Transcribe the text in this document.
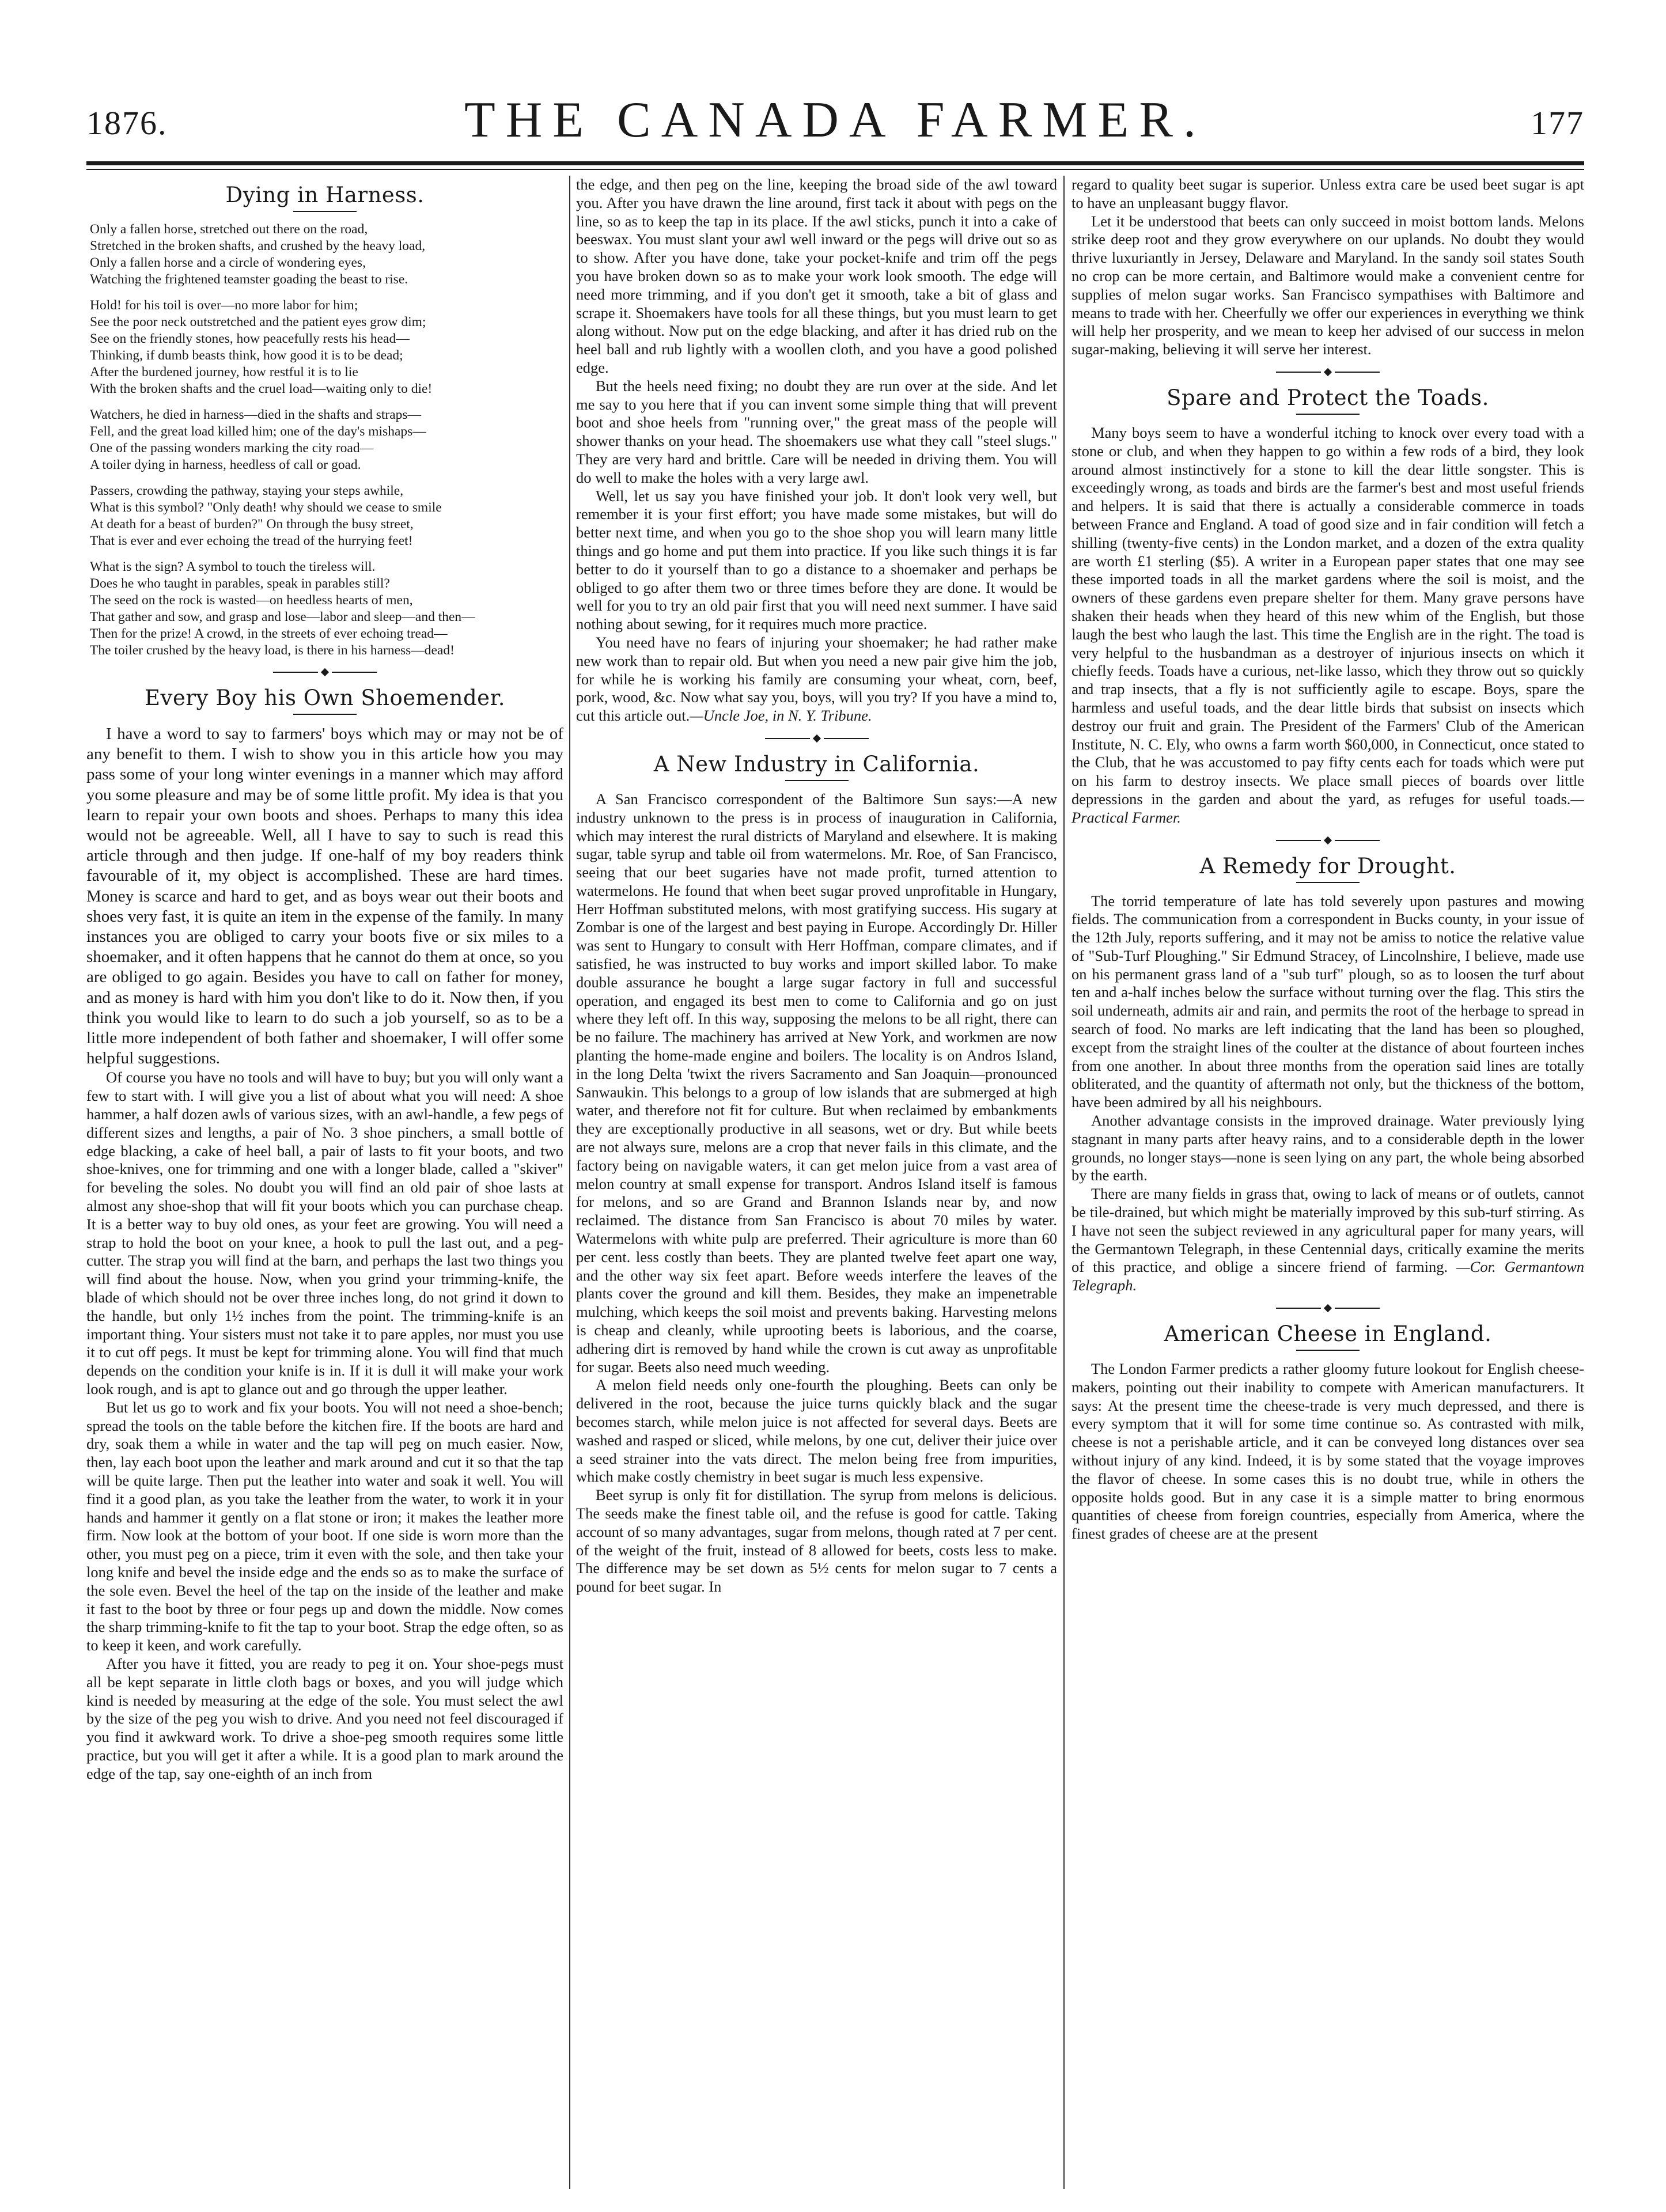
1876.	THE CANADA FARMER.	177
Dying in Harness.
Only a fallen horse, stretched out there on the road,
Stretched in the broken shafts, and crushed by the heavy load,
Only a fallen horse and a circle of wondering eyes,
Watching the frightened teamster goading the beast to rise.
Hold! for his toil is over—no more labor for him;
See the poor neck outstretched and the patient eyes grow dim;
See on the friendly stones, how peacefully rests his head—
Thinking, if dumb beasts think, how good it is to be dead;
After the burdened journey, how restful it is to lie
With the broken shafts and the cruel load—waiting only to die!
Watchers, he died in harness—died in the shafts and straps—
Fell, and the great load killed him; one of the day's mishaps—
One of the passing wonders marking the city road—
A toiler dying in harness, heedless of call or goad.
Passers, crowding the pathway, staying your steps awhile,
What is this symbol? "Only death! why should we cease to smile
At death for a beast of burden?" On through the busy street,
That is ever and ever echoing the tread of the hurrying feet!
What is the sign? A symbol to touch the tireless will.
Does he who taught in parables, speak in parables still?
The seed on the rock is wasted—on heedless hearts of men,
That gather and sow, and grasp and lose—labor and sleep—and then—
Then for the prize! A crowd, in the streets of ever echoing tread—
The toiler crushed by the heavy load, is there in his harness—dead!
Every Boy his Own Shoemender.

I have a word to say to farmers' boys which may or may not be of any benefit to them. I wish to show you in this article how you may pass some of your long winter evenings in a manner which may afford you some pleasure and may be of some little profit. My idea is that you learn to repair your own boots and shoes. Perhaps to many this idea would not be agreeable. Well, all I have to say to such is read this article through and then judge. If one-half of my boy readers think favourable of it, my object is accomplished. These are hard times. Money is scarce and hard to get, and as boys wear out their boots and shoes very fast, it is quite an item in the expense of the family. In many instances you are obliged to carry your boots five or six miles to a shoemaker, and it often happens that he cannot do them at once, so you are obliged to go again. Besides you have to call on father for money, and as money is hard with him you don't like to do it. Now then, if you think you would like to learn to do such a job yourself, so as to be a little more independent of both father and shoemaker, I will offer some helpful suggestions.

Of course you have no tools and will have to buy; but you will only want a few to start with. I will give you a list of about what you will need: A shoe hammer, a half dozen awls of various sizes, with an awl-handle, a few pegs of different sizes and lengths, a pair of No. 3 shoe pinchers, a small bottle of edge blacking, a cake of heel ball, a pair of lasts to fit your boots, and two shoe-knives, one for trimming and one with a longer blade, called a "skiver" for beveling the soles. No doubt you will find an old pair of shoe lasts at almost any shoe-shop that will fit your boots which you can purchase cheap. It is a better way to buy old ones, as your feet are growing. You will need a strap to hold the boot on your knee, a hook to pull the last out, and a peg-cutter. The strap you will find at the barn, and perhaps the last two things you will find about the house. Now, when you grind your trimming-knife, the blade of which should not be over three inches long, do not grind it down to the handle, but only 1½ inches from the point. The trimming-knife is an important thing. Your sisters must not take it to pare apples, nor must you use it to cut off pegs. It must be kept for trimming alone. You will find that much depends on the condition your knife is in. If it is dull it will make your work look rough, and is apt to glance out and go through the upper leather.

But let us go to work and fix your boots. You will not need a shoe-bench; spread the tools on the table before the kitchen fire. If the boots are hard and dry, soak them a while in water and the tap will peg on much easier. Now, then, lay each boot upon the leather and mark around and cut it so that the tap will be quite large. Then put the leather into water and soak it well. You will find it a good plan, as you take the leather from the water, to work it in your hands and hammer it gently on a flat stone or iron; it makes the leather more firm. Now look at the bottom of your boot. If one side is worn more than the other, you must peg on a piece, trim it even with the sole, and then take your long knife and bevel the inside edge and the ends so as to make the surface of the sole even. Bevel the heel of the tap on the inside of the leather and make it fast to the boot by three or four pegs up and down the middle. Now comes the sharp trimming-knife to fit the tap to your boot. Strap the edge often, so as to keep it keen, and work carefully.

After you have it fitted, you are ready to peg it on. Your shoe-pegs must all be kept separate in little cloth bags or boxes, and you will judge which kind is needed by measuring at the edge of the sole. You must select the awl by the size of the peg you wish to drive. And you need not feel discouraged if you find it awkward work. To drive a shoe-peg smooth requires some little practice, but you will get it after a while. It is a good plan to mark around the edge of the tap, say one-eighth of an inch from

the edge, and then peg on the line, keeping the broad side of the awl toward you. After you have drawn the line around, first tack it about with pegs on the line, so as to keep the tap in its place. If the awl sticks, punch it into a cake of beeswax. You must slant your awl well inward or the pegs will drive out so as to show. After you have done, take your pocket-knife and trim off the pegs you have broken down so as to make your work look smooth. The edge will need more trimming, and if you don't get it smooth, take a bit of glass and scrape it. Shoemakers have tools for all these things, but you must learn to get along without. Now put on the edge blacking, and after it has dried rub on the heel ball and rub lightly with a woollen cloth, and you have a good polished edge.

But the heels need fixing; no doubt they are run over at the side. And let me say to you here that if you can invent some simple thing that will prevent boot and shoe heels from "running over," the great mass of the people will shower thanks on your head. The shoemakers use what they call "steel slugs." They are very hard and brittle. Care will be needed in driving them. You will do well to make the holes with a very large awl.

Well, let us say you have finished your job. It don't look very well, but remember it is your first effort; you have made some mistakes, but will do better next time, and when you go to the shoe shop you will learn many little things and go home and put them into practice. If you like such things it is far better to do it yourself than to go a distance to a shoemaker and perhaps be obliged to go after them two or three times before they are done. It would be well for you to try an old pair first that you will need next summer. I have said nothing about sewing, for it requires much more practice.

You need have no fears of injuring your shoemaker; he had rather make new work than to repair old. But when you need a new pair give him the job, for while he is working his family are consuming your wheat, corn, beef, pork, wood, &c. Now what say you, boys, will you try? If you have a mind to, cut this article out.—Uncle Joe, in N. Y. Tribune.

A New Industry in California.

A San Francisco correspondent of the Baltimore Sun says:—A new industry unknown to the press is in process of inauguration in California, which may interest the rural districts of Maryland and elsewhere. It is making sugar, table syrup and table oil from watermelons. Mr. Roe, of San Francisco, seeing that our beet sugaries have not made profit, turned attention to watermelons. He found that when beet sugar proved unprofitable in Hungary, Herr Hoffman substituted melons, with most gratifying success. His sugary at Zombar is one of the largest and best paying in Europe. Accordingly Dr. Hiller was sent to Hungary to consult with Herr Hoffman, compare climates, and if satisfied, he was instructed to buy works and import skilled labor. To make double assurance he bought a large sugar factory in full and successful operation, and engaged its best men to come to California and go on just where they left off. In this way, supposing the melons to be all right, there can be no failure. The machinery has arrived at New York, and workmen are now planting the home-made engine and boilers. The locality is on Andros Island, in the long Delta 'twixt the rivers Sacramento and San Joaquin—pronounced Sanwaukin. This belongs to a group of low islands that are submerged at high water, and therefore not fit for culture. But when reclaimed by embankments they are exceptionally productive in all seasons, wet or dry. But while beets are not always sure, melons are a crop that never fails in this climate, and the factory being on navigable waters, it can get melon juice from a vast area of melon country at small expense for transport. Andros Island itself is famous for melons, and so are Grand and Brannon Islands near by, and now reclaimed. The distance from San Francisco is about 70 miles by water. Watermelons with white pulp are preferred. Their agriculture is more than 60 per cent. less costly than beets. They are planted twelve feet apart one way, and the other way six feet apart. Before weeds interfere the leaves of the plants cover the ground and kill them. Besides, they make an impenetrable mulching, which keeps the soil moist and prevents baking. Harvesting melons is cheap and cleanly, while uprooting beets is laborious, and the coarse, adhering dirt is removed by hand while the crown is cut away as unprofitable for sugar. Beets also need much weeding.

A melon field needs only one-fourth the ploughing. Beets can only be delivered in the root, because the juice turns quickly black and the sugar becomes starch, while melon juice is not affected for several days. Beets are washed and rasped or sliced, while melons, by one cut, deliver their juice over a seed strainer into the vats direct. The melon being free from impurities, which make costly chemistry in beet sugar is much less expensive.

Beet syrup is only fit for distillation. The syrup from melons is delicious. The seeds make the finest table oil, and the refuse is good for cattle. Taking account of so many advantages, sugar from melons, though rated at 7 per cent. of the weight of the fruit, instead of 8 allowed for beets, costs less to make. The difference may be set down as 5½ cents for melon sugar to 7 cents a pound for beet sugar. In

regard to quality beet sugar is superior. Unless extra care be used beet sugar is apt to have an unpleasant buggy flavor.

Let it be understood that beets can only succeed in moist bottom lands. Melons strike deep root and they grow everywhere on our uplands. No doubt they would thrive luxuriantly in Jersey, Delaware and Maryland. In the sandy soil states South no crop can be more certain, and Baltimore would make a convenient centre for supplies of melon sugar works. San Francisco sympathises with Baltimore and means to trade with her. Cheerfully we offer our experiences in everything we think will help her prosperity, and we mean to keep her advised of our success in melon sugar-making, believing it will serve her interest.

Spare and Protect the Toads.

Many boys seem to have a wonderful itching to knock over every toad with a stone or club, and when they happen to go within a few rods of a bird, they look around almost instinctively for a stone to kill the dear little songster. This is exceedingly wrong, as toads and birds are the farmer's best and most useful friends and helpers. It is said that there is actually a considerable commerce in toads between France and England. A toad of good size and in fair condition will fetch a shilling (twenty-five cents) in the London market, and a dozen of the extra quality are worth £1 sterling ($5). A writer in a European paper states that one may see these imported toads in all the market gardens where the soil is moist, and the owners of these gardens even prepare shelter for them. Many grave persons have shaken their heads when they heard of this new whim of the English, but those laugh the best who laugh the last. This time the English are in the right. The toad is very helpful to the husbandman as a destroyer of injurious insects on which it chiefly feeds. Toads have a curious, net-like lasso, which they throw out so quickly and trap insects, that a fly is not sufficiently agile to escape. Boys, spare the harmless and useful toads, and the dear little birds that subsist on insects which destroy our fruit and grain. The President of the Farmers' Club of the American Institute, N. C. Ely, who owns a farm worth $60,000, in Connecticut, once stated to the Club, that he was accustomed to pay fifty cents each for toads which were put on his farm to destroy insects. We place small pieces of boards over little depressions in the garden and about the yard, as refuges for useful toads.—Practical Farmer.

A Remedy for Drought.

The torrid temperature of late has told severely upon pastures and mowing fields. The communication from a correspondent in Bucks county, in your issue of the 12th July, reports suffering, and it may not be amiss to notice the relative value of "Sub-Turf Ploughing." Sir Edmund Stracey, of Lincolnshire, I believe, made use on his permanent grass land of a "sub turf" plough, so as to loosen the turf about ten and a-half inches below the surface without turning over the flag. This stirs the soil underneath, admits air and rain, and permits the root of the herbage to spread in search of food. No marks are left indicating that the land has been so ploughed, except from the straight lines of the coulter at the distance of about fourteen inches from one another. In about three months from the operation said lines are totally obliterated, and the quantity of aftermath not only, but the thickness of the bottom, have been admired by all his neighbours.

Another advantage consists in the improved drainage. Water previously lying stagnant in many parts after heavy rains, and to a considerable depth in the lower grounds, no longer stays—none is seen lying on any part, the whole being absorbed by the earth.

There are many fields in grass that, owing to lack of means or of outlets, cannot be tile-drained, but which might be materially improved by this sub-turf stirring. As I have not seen the subject reviewed in any agricultural paper for many years, will the Germantown Telegraph, in these Centennial days, critically examine the merits of this practice, and oblige a sincere friend of farming. —Cor. Germantown Telegraph.

American Cheese in England.

The London Farmer predicts a rather gloomy future lookout for English cheese-makers, pointing out their inability to compete with American manufacturers. It says: At the present time the cheese-trade is very much depressed, and there is every symptom that it will for some time continue so. As contrasted with milk, cheese is not a perishable article, and it can be conveyed long distances over sea without injury of any kind. Indeed, it is by some stated that the voyage improves the flavor of cheese. In some cases this is no doubt true, while in others the opposite holds good. But in any case it is a simple matter to bring enormous quantities of cheese from foreign countries, especially from America, where the finest grades of cheese are at the present
